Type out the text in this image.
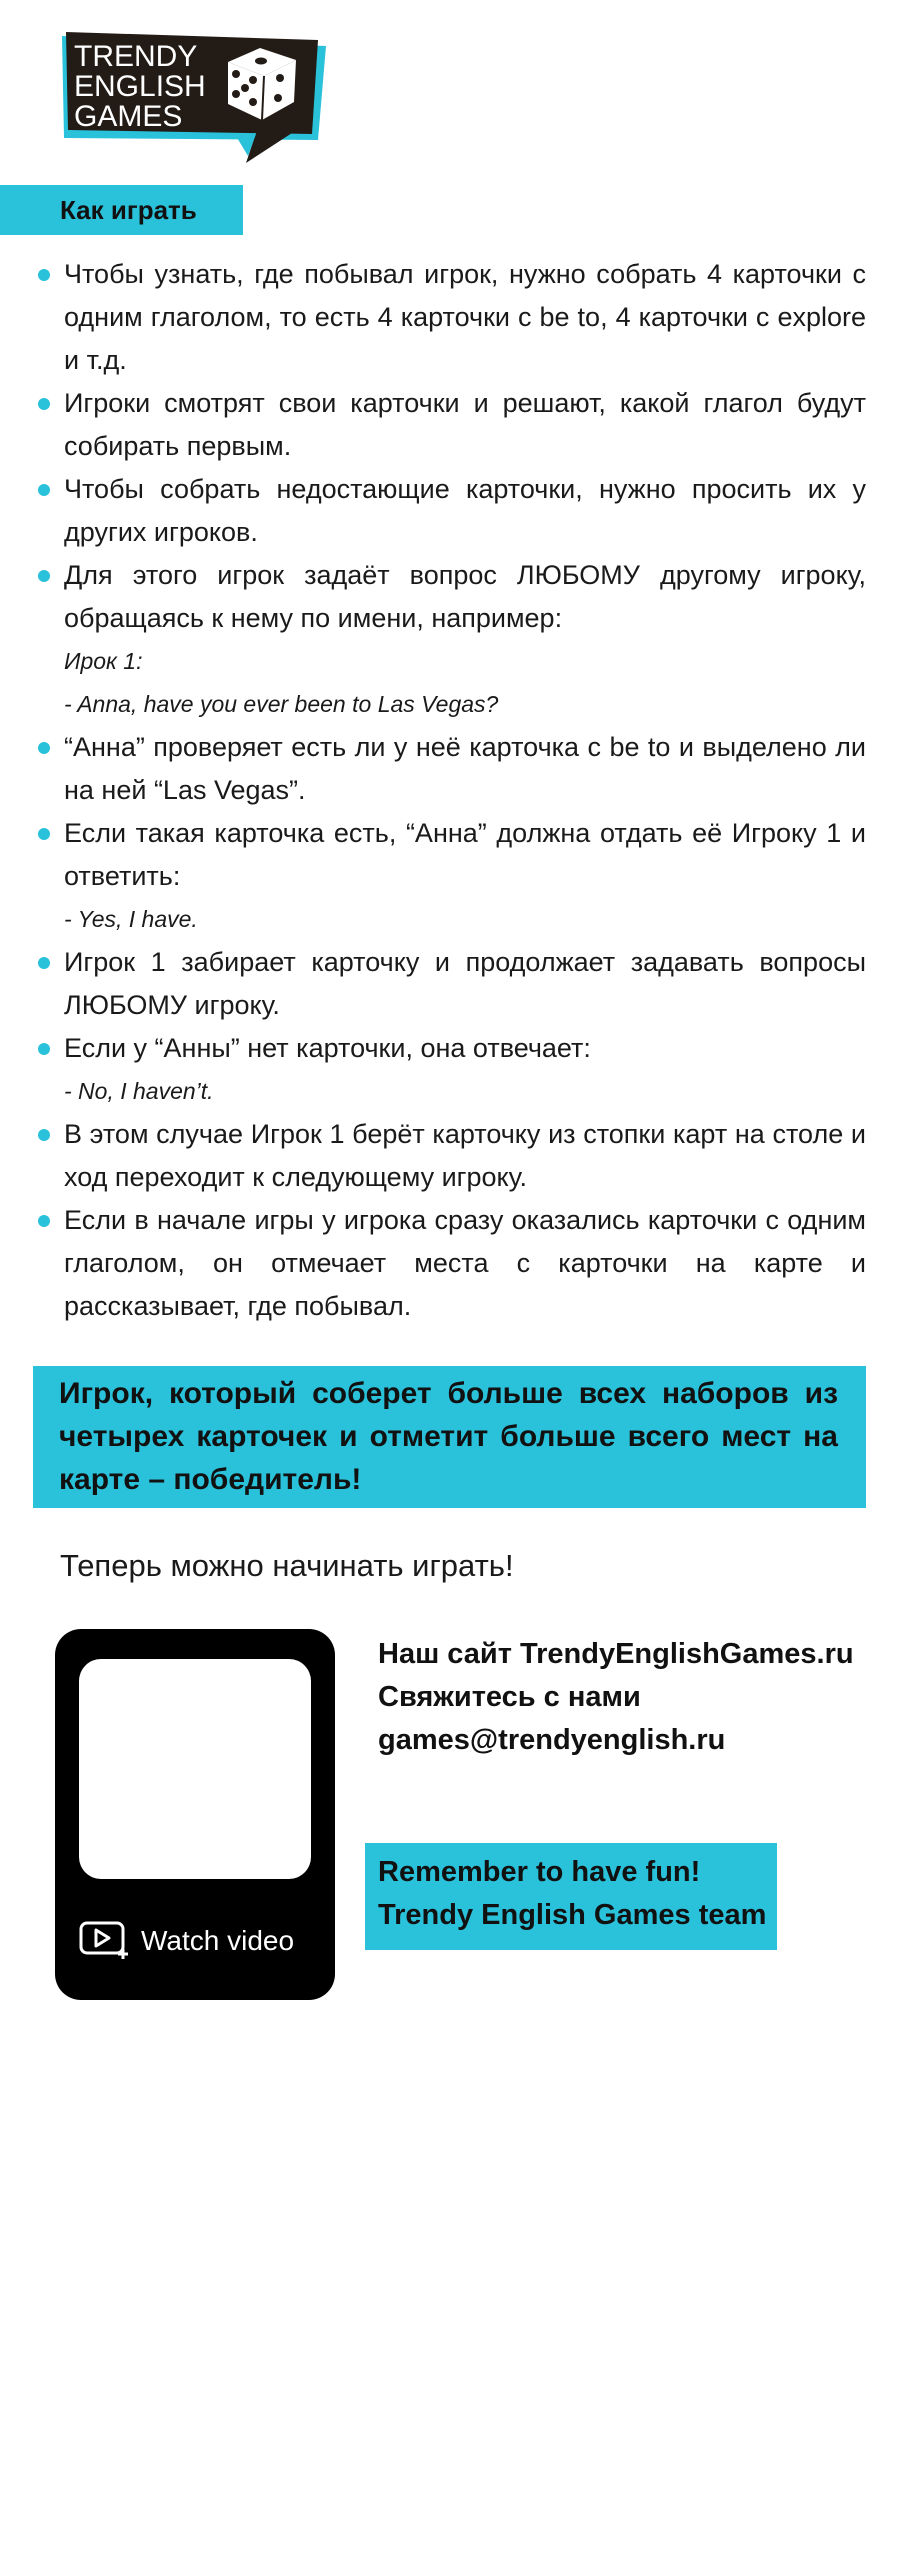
TRENDY
ENGLISH
GAMES
Как играть
Чтобы узнать, где побывал игрок, нужно собрать 4 карточки с одним глаголом, то есть 4 карточки с be to, 4 карточки с explore и т.д.
Игроки смотрят свои карточки и решают, какой глагол будут собирать первым.
Чтобы собрать недостающие карточки, нужно просить их у других игроков.
Для этого игрок задаёт вопрос ЛЮБОМУ другому игроку, обращаясь к нему по имени, например:
Ирок 1:
- Anna, have you ever been to Las Vegas?
“Анна” проверяет есть ли у неё карточка с be to и выделено ли на ней “Las Vegas”.
Если такая карточка есть, “Анна” должна отдать её Игроку 1 и ответить:
- Yes, I have.
Игрок 1 забирает карточку и продолжает задавать вопросы ЛЮБОМУ игроку.
Если у “Анны” нет карточки, она отвечает:
- No, I haven’t.
В этом случае Игрок 1 берёт карточку из стопки карт на столе и ход переходит к следующему игроку.
Если в начале игры у игрока сразу оказались карточки с одним глаголом, он отмечает места с карточки на карте и рассказывает, где побывал.
Игрок, который соберет больше всех наборов из четырех карточек и отметит больше всего мест на карте – победитель!
Теперь можно начинать играть!
Watch video
Наш сайт TrendyEnglishGames.ru
Свяжитесь с нами
games@trendyenglish.ru
Remember to have fun!
Trendy English Games team
